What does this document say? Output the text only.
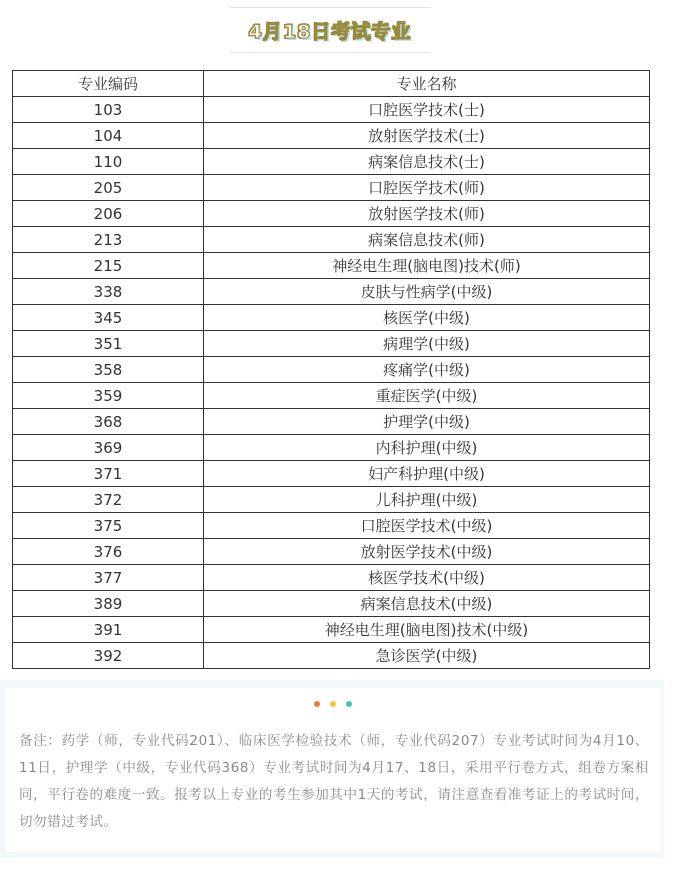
4月18日考试专业
专业编码	专业名称
103	口腔医学技术(士)
104	放射医学技术(士)
110	病案信息技术(士)
205	口腔医学技术(师)
206	放射医学技术(师)
213	病案信息技术(师)
215	神经电生理(脑电图)技术(师)
338	皮肤与性病学(中级)
345	核医学(中级)
351	病理学(中级)
358	疼痛学(中级)
359	重症医学(中级)
368	护理学(中级)
369	内科护理(中级)
371	妇产科护理(中级)
372	儿科护理(中级)
375	口腔医学技术(中级)
376	放射医学技术(中级)
377	核医学技术(中级)
389	病案信息技术(中级)
391	神经电生理(脑电图)技术(中级)
392	急诊医学(中级)
备注：药学（师，专业代码201）、临床医学检验技术（师，专业代码207）专业考试时间为4月10、11日，护理学（中级，专业代码368）专业考试时间为4月17、18日，采用平行卷方式，组卷方案相同，平行卷的难度一致。报考以上专业的考生参加其中1天的考试，请注意查看准考证上的考试时间，切勿错过考试。
